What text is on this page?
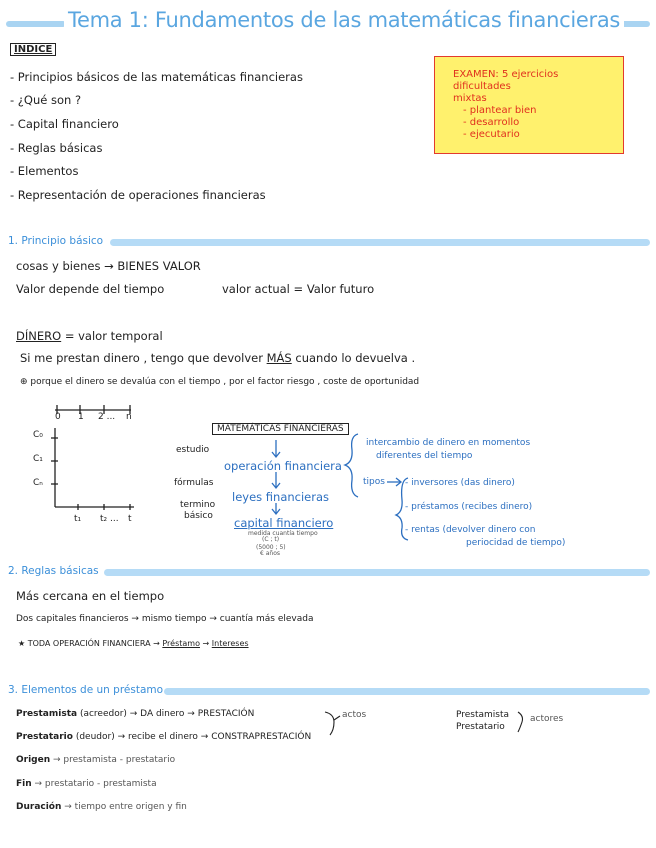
Tema 1: Fundamentos de las matemáticas financieras
ÍNDICE
- Principios básicos de las matemáticas financieras
- ¿Qué son ?
- Capital financiero
- Reglas básicas
- Elementos
- Representación de operaciones financieras
EXAMEN: 5 ejercicios dificultades
mixtas
- plantear bien
- desarrollo
- ejecutario
1. Principio básico
cosas y bienes → BIENES VALOR
Valor depende del tiempo	valor actual = Valor futuro
DÍNERO = valor temporal
Si me prestan dinero , tengo que devolver MÁS cuando lo devuelva .
⊕ porque el dinero se devalúa con el tiempo , por el factor riesgo , coste de oportunidad
0 1 2 ... n
C₀
C₁
Cₙ
t₁ t₂ ... t
MATEMÁTICAS FINANCIERAS
estudio
fórmulas
termino
básico
operación financiera
leyes financieras
capital financiero
medida cuantía tiempo
(C ; t)
(5000 ; 5)
€ años
intercambio de dinero en momentos
diferentes del tiempo
tipos - inversores (das dinero)
- préstamos (recibes dinero)
- rentas (devolver dinero con
periocidad de tiempo)
2. Reglas básicas
Más cercana en el tiempo
Dos capitales financieros → mismo tiempo → cuantía más elevada
★ TODA OPERACIÓN FINANCIERA → Préstamo → Intereses
3. Elementos de un préstamo
Prestamista (acreedor) → DA dinero → PRESTACIÓN
Prestatario (deudor) → recibe el dinero → CONSTRAPRESTACIÓN
actos	Prestamista
Prestatario
actores
Origen → prestamista - prestatario
Fin → prestatario - prestamista
Duración → tiempo entre origen y fin
